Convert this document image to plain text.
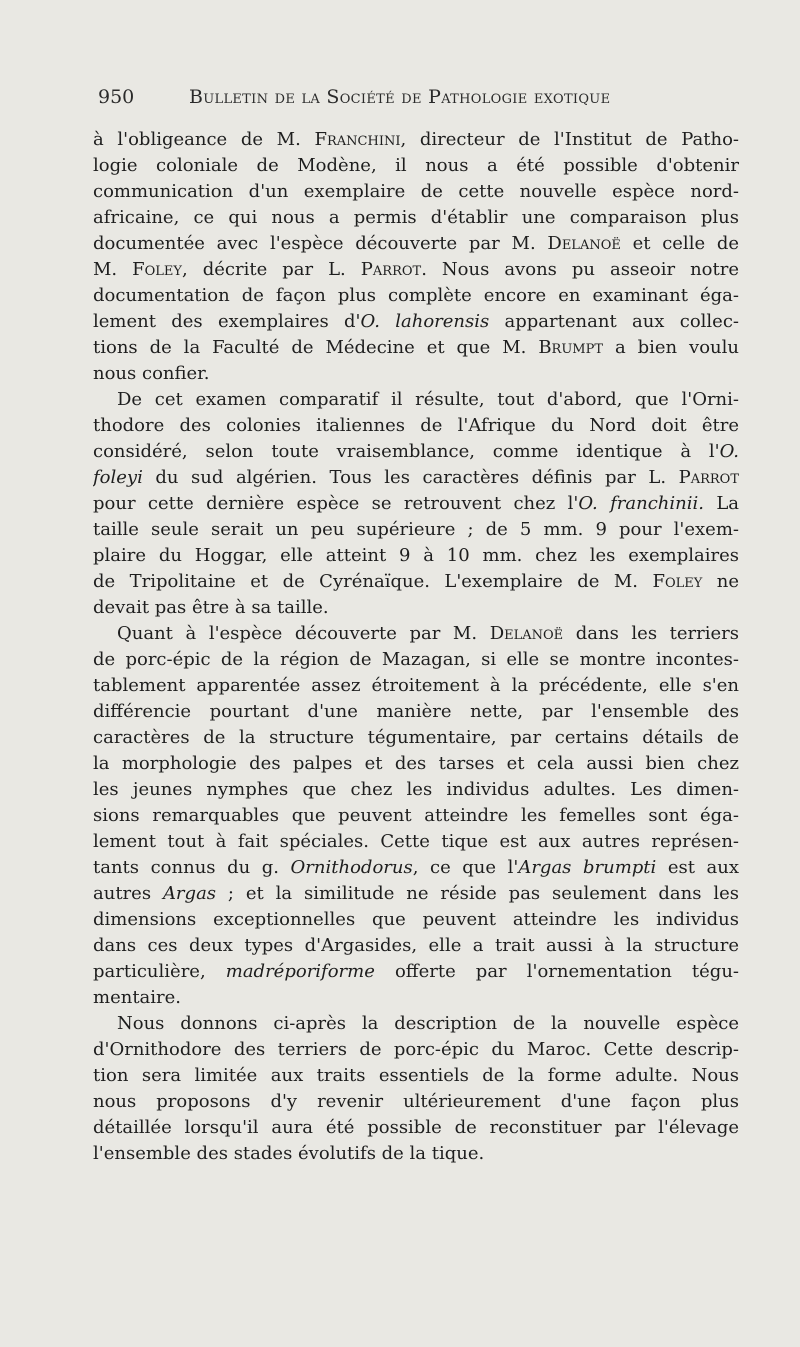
950	Bulletin de la Société de Pathologie exotique
à l'obligeance de M. Franchini, directeur de l'Institut de Patho-
logie coloniale de Modène, il nous a été possible d'obtenir
communication d'un exemplaire de cette nouvelle espèce nord-
africaine, ce qui nous a permis d'établir une comparaison plus
documentée avec l'espèce découverte par M. Delanoë et celle de
M. Foley, décrite par L. Parrot. Nous avons pu asseoir notre
documentation de façon plus complète encore en examinant éga-
lement des exemplaires d'O. lahorensis appartenant aux collec-
tions de la Faculté de Médecine et que M. Brumpt a bien voulu
nous confier.
De cet examen comparatif il résulte, tout d'abord, que l'Orni-
thodore des colonies italiennes de l'Afrique du Nord doit être
considéré, selon toute vraisemblance, comme identique à l'O.
foleyi du sud algérien. Tous les caractères définis par L. Parrot
pour cette dernière espèce se retrouvent chez l'O. franchinii. La
taille seule serait un peu supérieure ; de 5 mm. 9 pour l'exem-
plaire du Hoggar, elle atteint 9 à 10 mm. chez les exemplaires
de Tripolitaine et de Cyrénaïque. L'exemplaire de M. Foley ne
devait pas être à sa taille.
Quant à l'espèce découverte par M. Delanoë dans les terriers
de porc-épic de la région de Mazagan, si elle se montre incontes-
tablement apparentée assez étroitement à la précédente, elle s'en
différencie pourtant d'une manière nette, par l'ensemble des
caractères de la structure tégumentaire, par certains détails de
la morphologie des palpes et des tarses et cela aussi bien chez
les jeunes nymphes que chez les individus adultes. Les dimen-
sions remarquables que peuvent atteindre les femelles sont éga-
lement tout à fait spéciales. Cette tique est aux autres représen-
tants connus du g. Ornithodorus, ce que l'Argas brumpti est aux
autres Argas ; et la similitude ne réside pas seulement dans les
dimensions exceptionnelles que peuvent atteindre les individus
dans ces deux types d'Argasides, elle a trait aussi à la structure
particulière, madréporiforme offerte par l'ornementation tégu-
mentaire.
Nous donnons ci-après la description de la nouvelle espèce
d'Ornithodore des terriers de porc-épic du Maroc. Cette descrip-
tion sera limitée aux traits essentiels de la forme adulte. Nous
nous proposons d'y revenir ultérieurement d'une façon plus
détaillée lorsqu'il aura été possible de reconstituer par l'élevage
l'ensemble des stades évolutifs de la tique.
